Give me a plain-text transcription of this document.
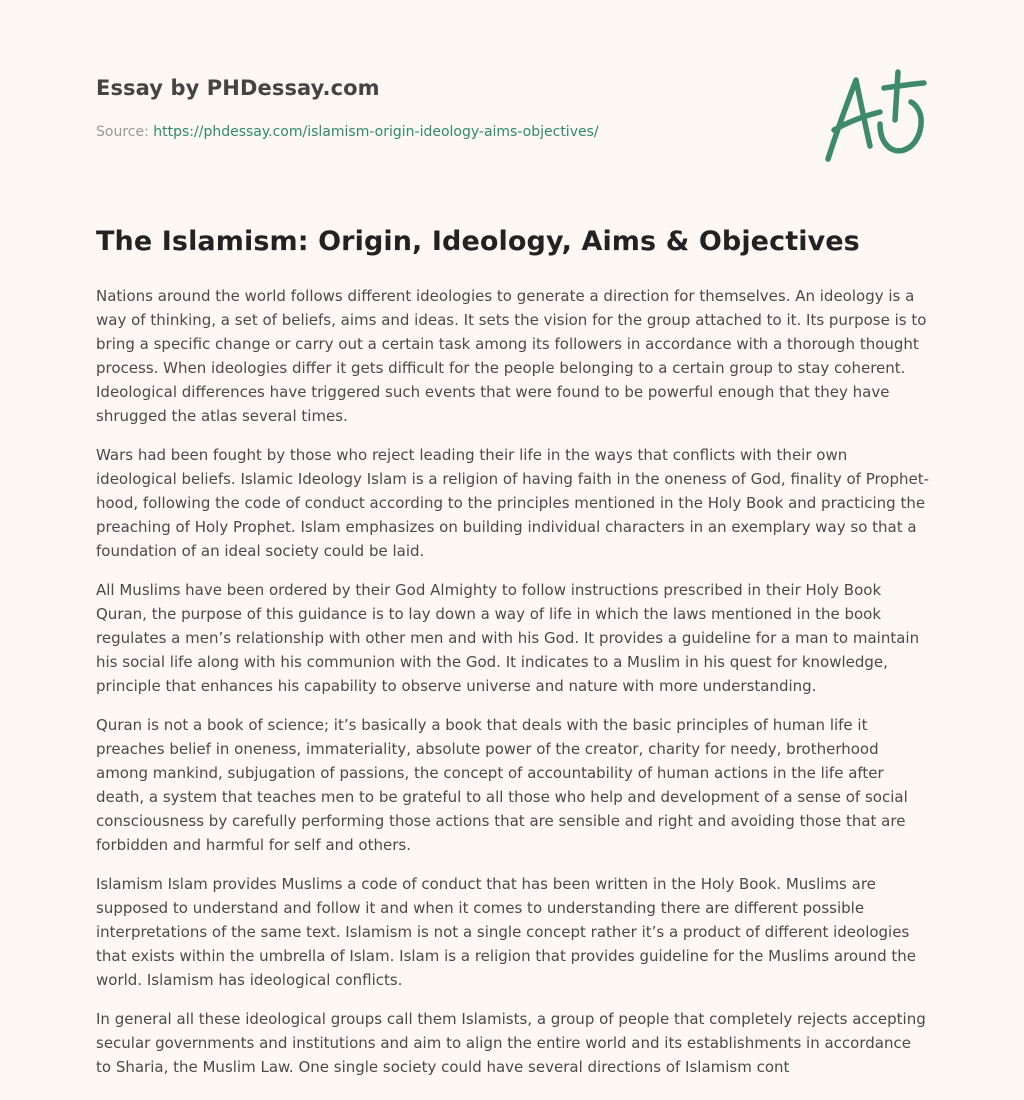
Essay by PHDessay.com
Source: https://phdessay.com/islamism-origin-ideology-aims-objectives/
The Islamism: Origin, Ideology, Aims & Objectives

Nations around the world follows different ideologies to generate a direction for themselves. An ideology is a way of thinking, a set of beliefs, aims and ideas. It sets the vision for the group attached to it. Its purpose is to bring a specific change or carry out a certain task among its followers in accordance with a thorough thought process. When ideologies differ it gets difficult for the people belonging to a certain group to stay coherent. Ideological differences have triggered such events that were found to be powerful enough that they have shrugged the atlas several times.

Wars had been fought by those who reject leading their life in the ways that conflicts with their own ideological beliefs. Islamic Ideology Islam is a religion of having faith in the oneness of God, finality of Prophet-hood, following the code of conduct according to the principles mentioned in the Holy Book and practicing the preaching of Holy Prophet. Islam emphasizes on building individual characters in an exemplary way so that a foundation of an ideal society could be laid.

All Muslims have been ordered by their God Almighty to follow instructions prescribed in their Holy Book Quran, the purpose of this guidance is to lay down a way of life in which the laws mentioned in the book regulates a men’s relationship with other men and with his God. It provides a guideline for a man to maintain his social life along with his communion with the God. It indicates to a Muslim in his quest for knowledge, principle that enhances his capability to observe universe and nature with more understanding.

Quran is not a book of science; it’s basically a book that deals with the basic principles of human life it preaches belief in oneness, immateriality, absolute power of the creator, charity for needy, brotherhood among mankind, subjugation of passions, the concept of accountability of human actions in the life after death, a system that teaches men to be grateful to all those who help and development of a sense of social consciousness by carefully performing those actions that are sensible and right and avoiding those that are forbidden and harmful for self and others.

Islamism Islam provides Muslims a code of conduct that has been written in the Holy Book. Muslims are supposed to understand and follow it and when it comes to understanding there are different possible interpretations of the same text. Islamism is not a single concept rather it’s a product of different ideologies that exists within the umbrella of Islam. Islam is a religion that provides guideline for the Muslims around the world. Islamism has ideological conflicts.

In general all these ideological groups call them Islamists, a group of people that completely rejects accepting secular governments and institutions and aim to align the entire world and its establishments in accordance to Sharia, the Muslim Law. One single society could have several directions of Islamism cont
